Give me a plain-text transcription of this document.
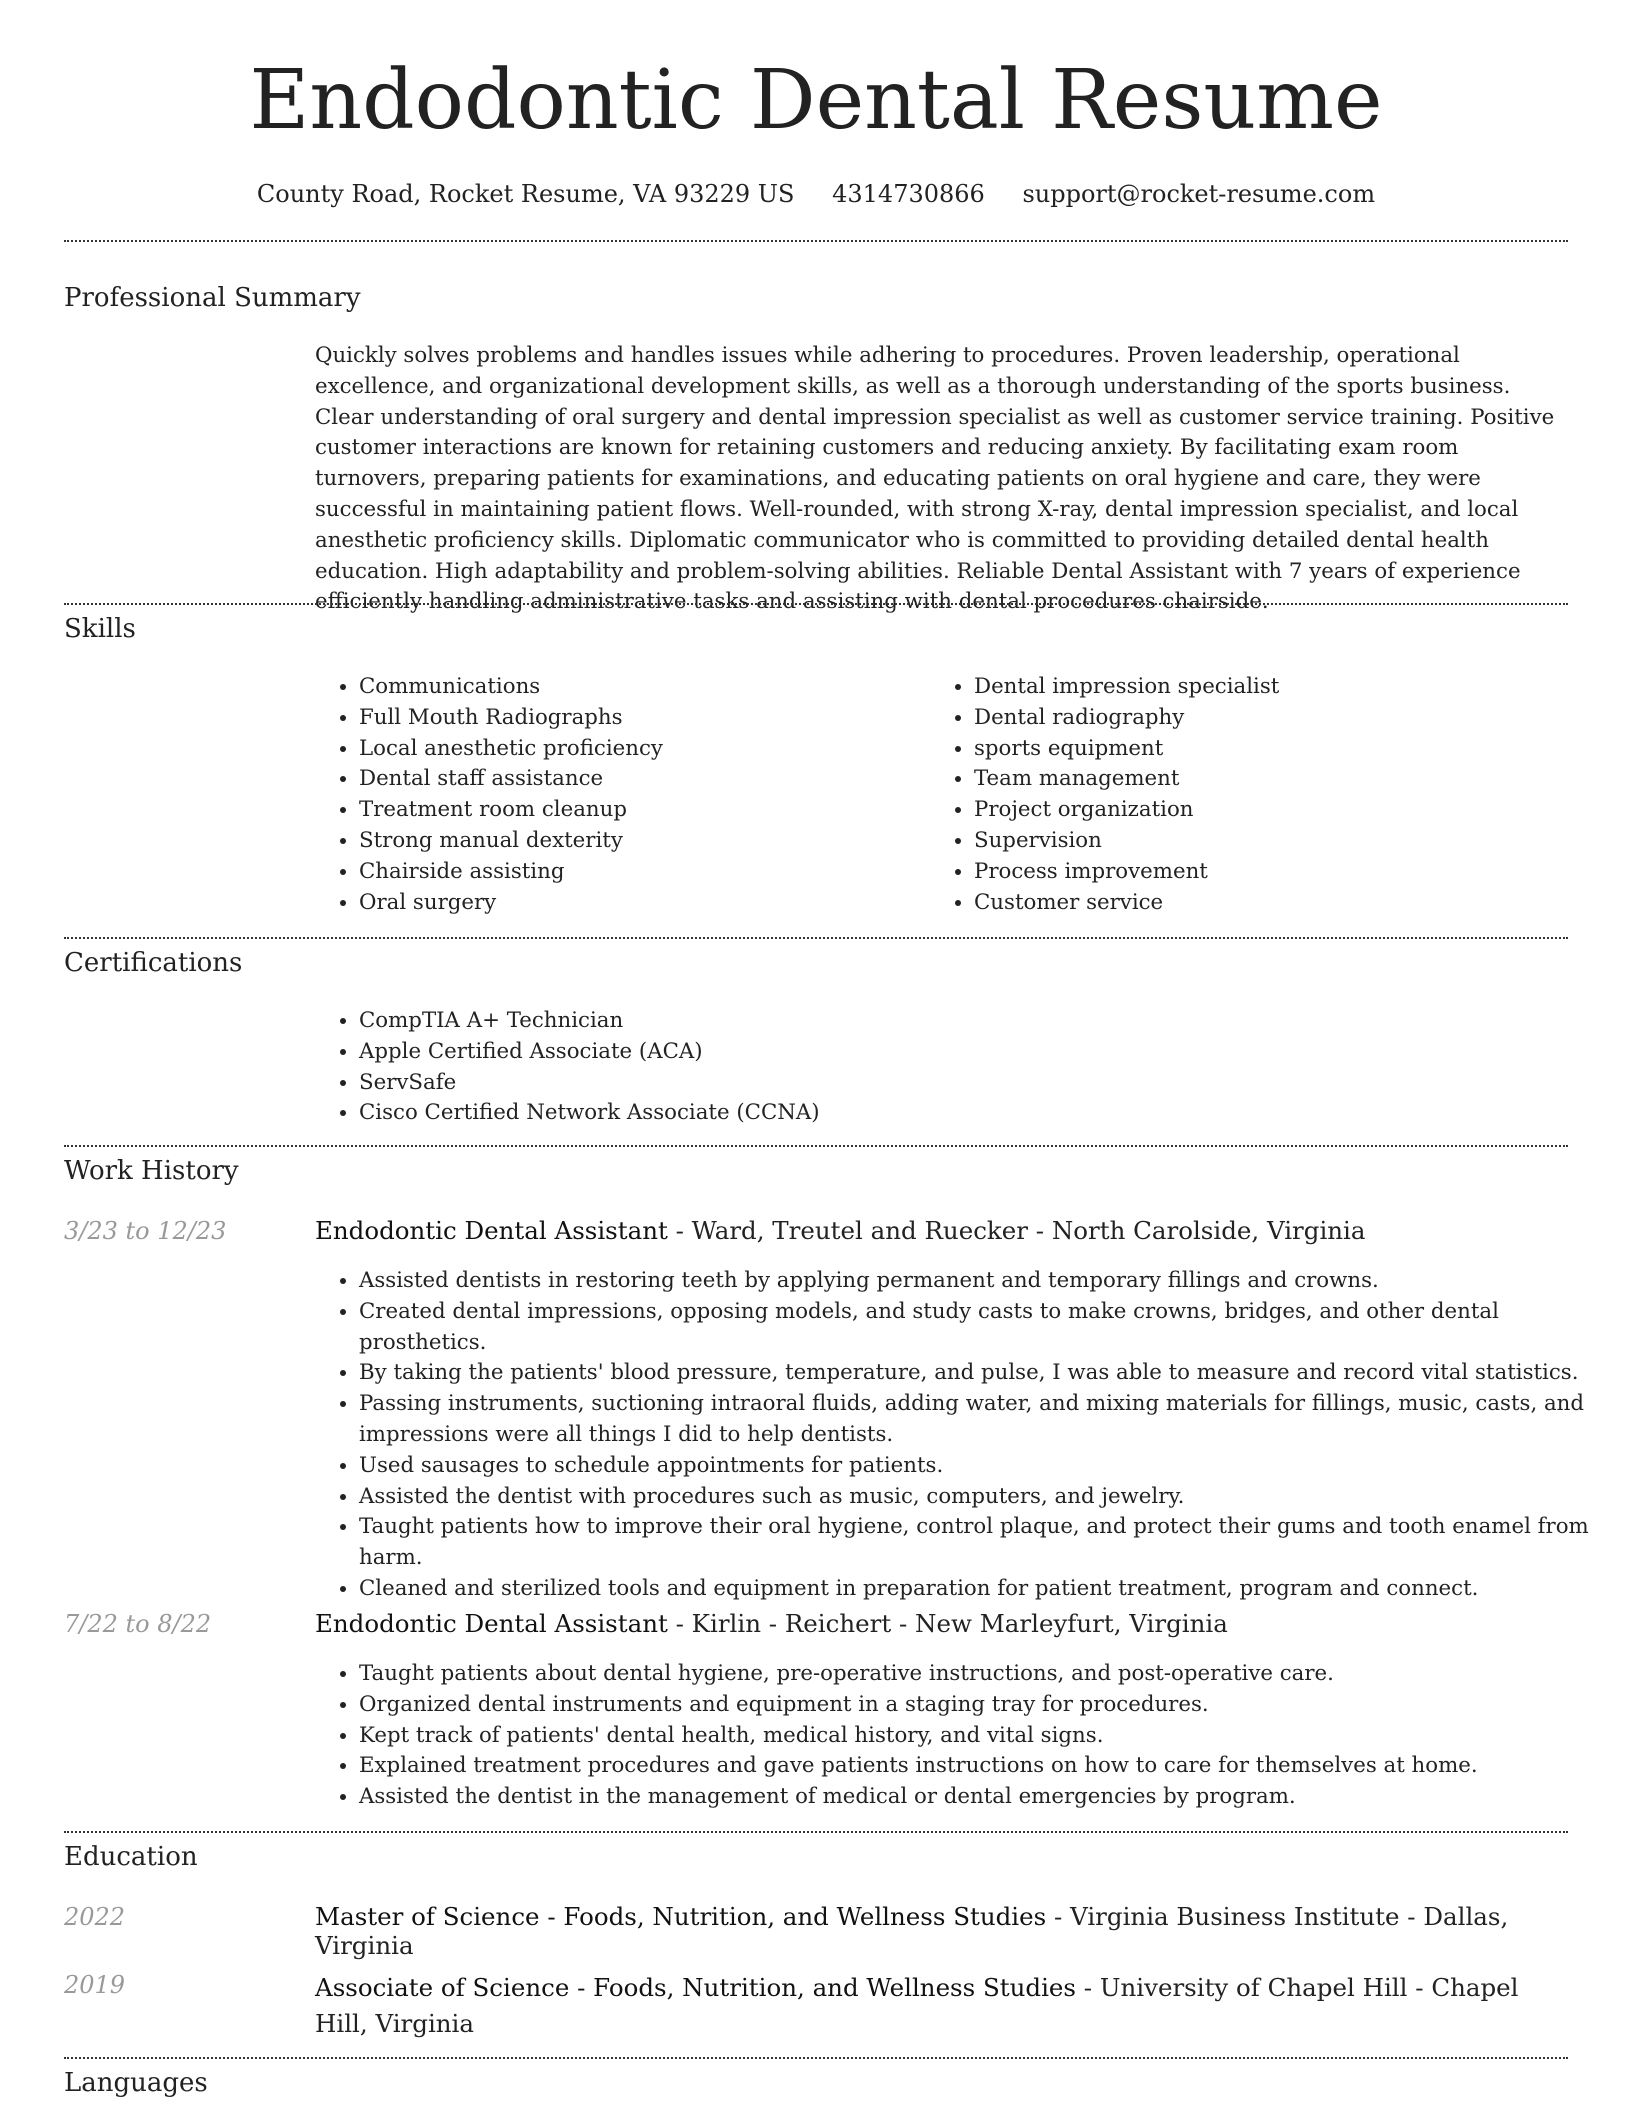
Endodontic Dental Resume
County Road, Rocket Resume, VA 93229 US 4314730866 support@rocket-resume.com
Professional Summary

Quickly solves problems and handles issues while adhering to procedures. Proven leadership, operational excellence, and organizational development skills, as well as a thorough understanding of the sports business. Clear understanding of oral surgery and dental impression specialist as well as customer service training. Positive customer interactions are known for retaining customers and reducing anxiety. By facilitating exam room turnovers, preparing patients for examinations, and educating patients on oral hygiene and care, they were successful in maintaining patient flows. Well-rounded, with strong X-ray, dental impression specialist, and local anesthetic proficiency skills. Diplomatic communicator who is committed to providing detailed dental health education. High adaptability and problem-solving abilities. Reliable Dental Assistant with 7 years of experience efficiently handling administrative tasks and assisting with dental procedures chairside.

Skills
• Communications
• Full Mouth Radiographs
• Local anesthetic proficiency
• Dental staff assistance
• Treatment room cleanup
• Strong manual dexterity
• Chairside assisting
• Oral surgery
• Dental impression specialist
• Dental radiography
• sports equipment
• Team management
• Project organization
• Supervision
• Process improvement
• Customer service
Certifications
• CompTIA A+ Technician
• Apple Certified Associate (ACA)
• ServSafe
• Cisco Certified Network Associate (CCNA)
Work History
3/23 to 12/23	Endodontic Dental Assistant - Ward, Treutel and Ruecker - North Carolside, Virginia
• Assisted dentists in restoring teeth by applying permanent and temporary fillings and crowns.
• Created dental impressions, opposing models, and study casts to make crowns, bridges, and other dental prosthetics.
• By taking the patients' blood pressure, temperature, and pulse, I was able to measure and record vital statistics.
• Passing instruments, suctioning intraoral fluids, adding water, and mixing materials for fillings, music, casts, and impressions were all things I did to help dentists.
• Used sausages to schedule appointments for patients.
• Assisted the dentist with procedures such as music, computers, and jewelry.
• Taught patients how to improve their oral hygiene, control plaque, and protect their gums and tooth enamel from harm.
• Cleaned and sterilized tools and equipment in preparation for patient treatment, program and connect.
7/22 to 8/22	Endodontic Dental Assistant - Kirlin - Reichert - New Marleyfurt, Virginia
• Taught patients about dental hygiene, pre-operative instructions, and post-operative care.
• Organized dental instruments and equipment in a staging tray for procedures.
• Kept track of patients' dental health, medical history, and vital signs.
• Explained treatment procedures and gave patients instructions on how to care for themselves at home.
• Assisted the dentist in the management of medical or dental emergencies by program.
Education
2022	Master of Science - Foods, Nutrition, and Wellness Studies - Virginia Business Institute - Dallas, Virginia
2019	Associate of Science - Foods, Nutrition, and Wellness Studies - University of Chapel Hill - Chapel Hill, Virginia
Languages
